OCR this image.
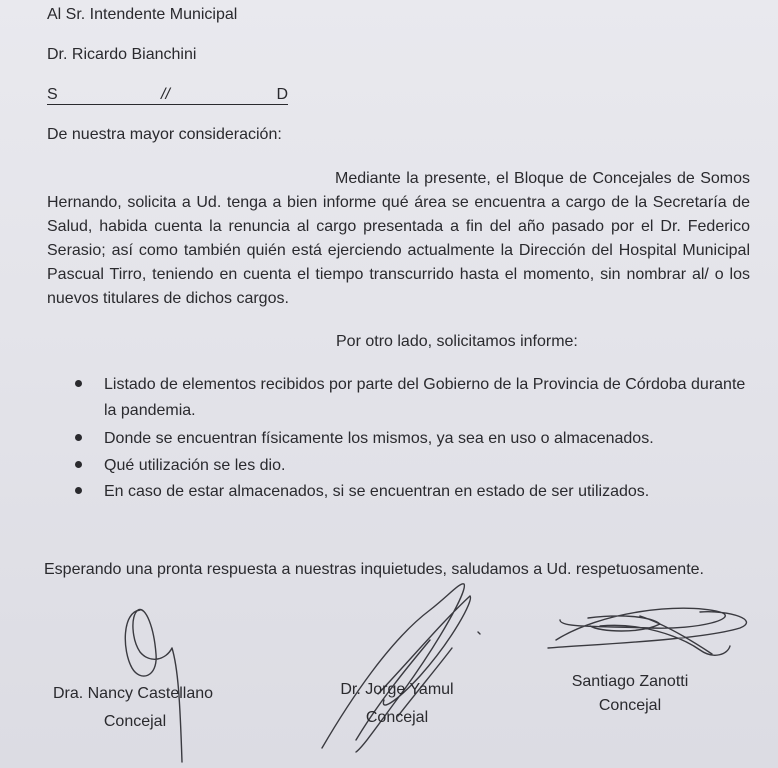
Al Sr. Intendente Municipal
Dr. Ricardo Bianchini
S	//	D
De nuestra mayor consideración:
Mediante la presente, el Bloque de Concejales de Somos Hernando, solicita a Ud. tenga a bien informe qué área se encuentra a cargo de la Secretaría de Salud, habida cuenta la renuncia al cargo presentada a fin del año pasado por el Dr. Federico Serasio; así como también quién está ejerciendo actualmente la Dirección del Hospital Municipal Pascual Tirro, teniendo en cuenta el tiempo transcurrido hasta el momento, sin nombrar al/ o los nuevos titulares de dichos cargos.
Por otro lado, solicitamos informe:
Listado de elementos recibidos por parte del Gobierno de la Provincia de Córdoba durante la pandemia.
Donde se encuentran físicamente los mismos, ya sea en uso o almacenados.
Qué utilización se les dio.
En caso de estar almacenados, si se encuentran en estado de ser utilizados.
Esperando una pronta respuesta a nuestras inquietudes, saludamos a Ud. respetuosamente.
Dra. Nancy Castellano
Concejal
Dr. Jorge Yamul
Concejal
Santiago Zanotti
Concejal
